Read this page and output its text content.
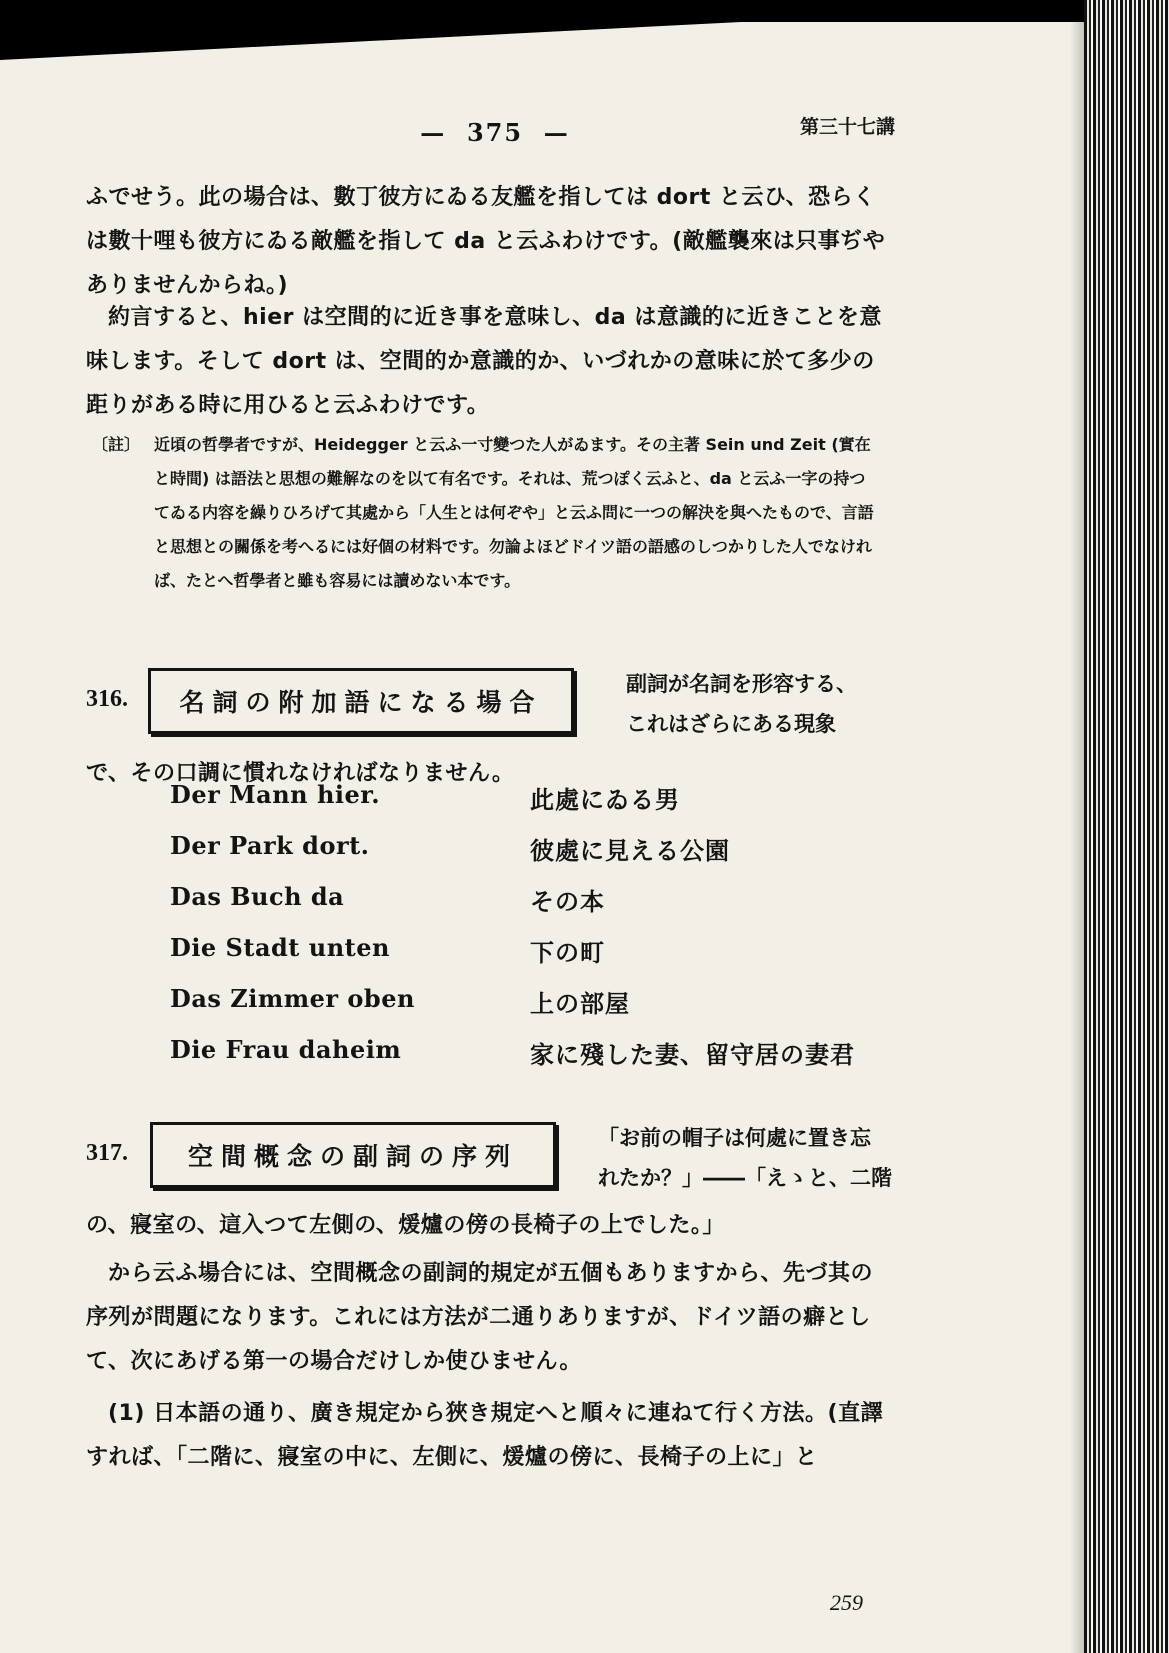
— 375 —	第三十七講
ふでせう。此の場合は、數丁彼方にゐる友艦を指しては dort と云ひ、恐らくは數十哩も彼方にゐる敵艦を指して da と云ふわけです。(敵艦襲來は只事ぢやありませんからね。)
約言すると、hier は空間的に近き事を意味し、da は意識的に近きことを意味します。そして dort は、空間的か意識的か、いづれかの意味に於て多少の距りがある時に用ひると云ふわけです。
〔註〕 近頃の哲學者ですが、Heidegger と云ふ一寸變つた人がゐます。その主著 Sein und Zeit (實在と時間) は語法と思想の難解なのを以て有名です。それは、荒つぽく云ふと、da と云ふ一字の持つてゐる内容を繰りひろげて其處から「人生とは何ぞや」と云ふ問に一つの解決を與へたもので、言語と思想との關係を考へるには好個の材料です。勿論よほどドイツ語の語感のしつかりした人でなければ、たとへ哲學者と雖も容易には讀めない本です。
316.	名詞の附加語になる場合
副詞が名詞を形容する、
これはざらにある現象
で、その口調に慣れなければなりません。
Der Mann hier.	此處にゐる男
Der Park dort.	彼處に見える公園
Das Buch da	その本
Die Stadt unten	下の町
Das Zimmer oben	上の部屋
Die Frau daheim	家に殘した妻、留守居の妻君
317.	空間概念の副詞の序列
「お前の帽子は何處に置き忘
れたか？」――「えゝと、二階
の、寢室の、這入つて左側の、煖爐の傍の長椅子の上でした。」
から云ふ場合には、空間概念の副詞的規定が五個もありますから、先づ其の序列が問題になります。これには方法が二通りありますが、ドイツ語の癖として、次にあげる第一の場合だけしか使ひません。
(1) 日本語の通り、廣き規定から狹き規定へと順々に連ねて行く方法。(直譯すれば、「二階に、寢室の中に、左側に、煖爐の傍に、長椅子の上に」と
259
